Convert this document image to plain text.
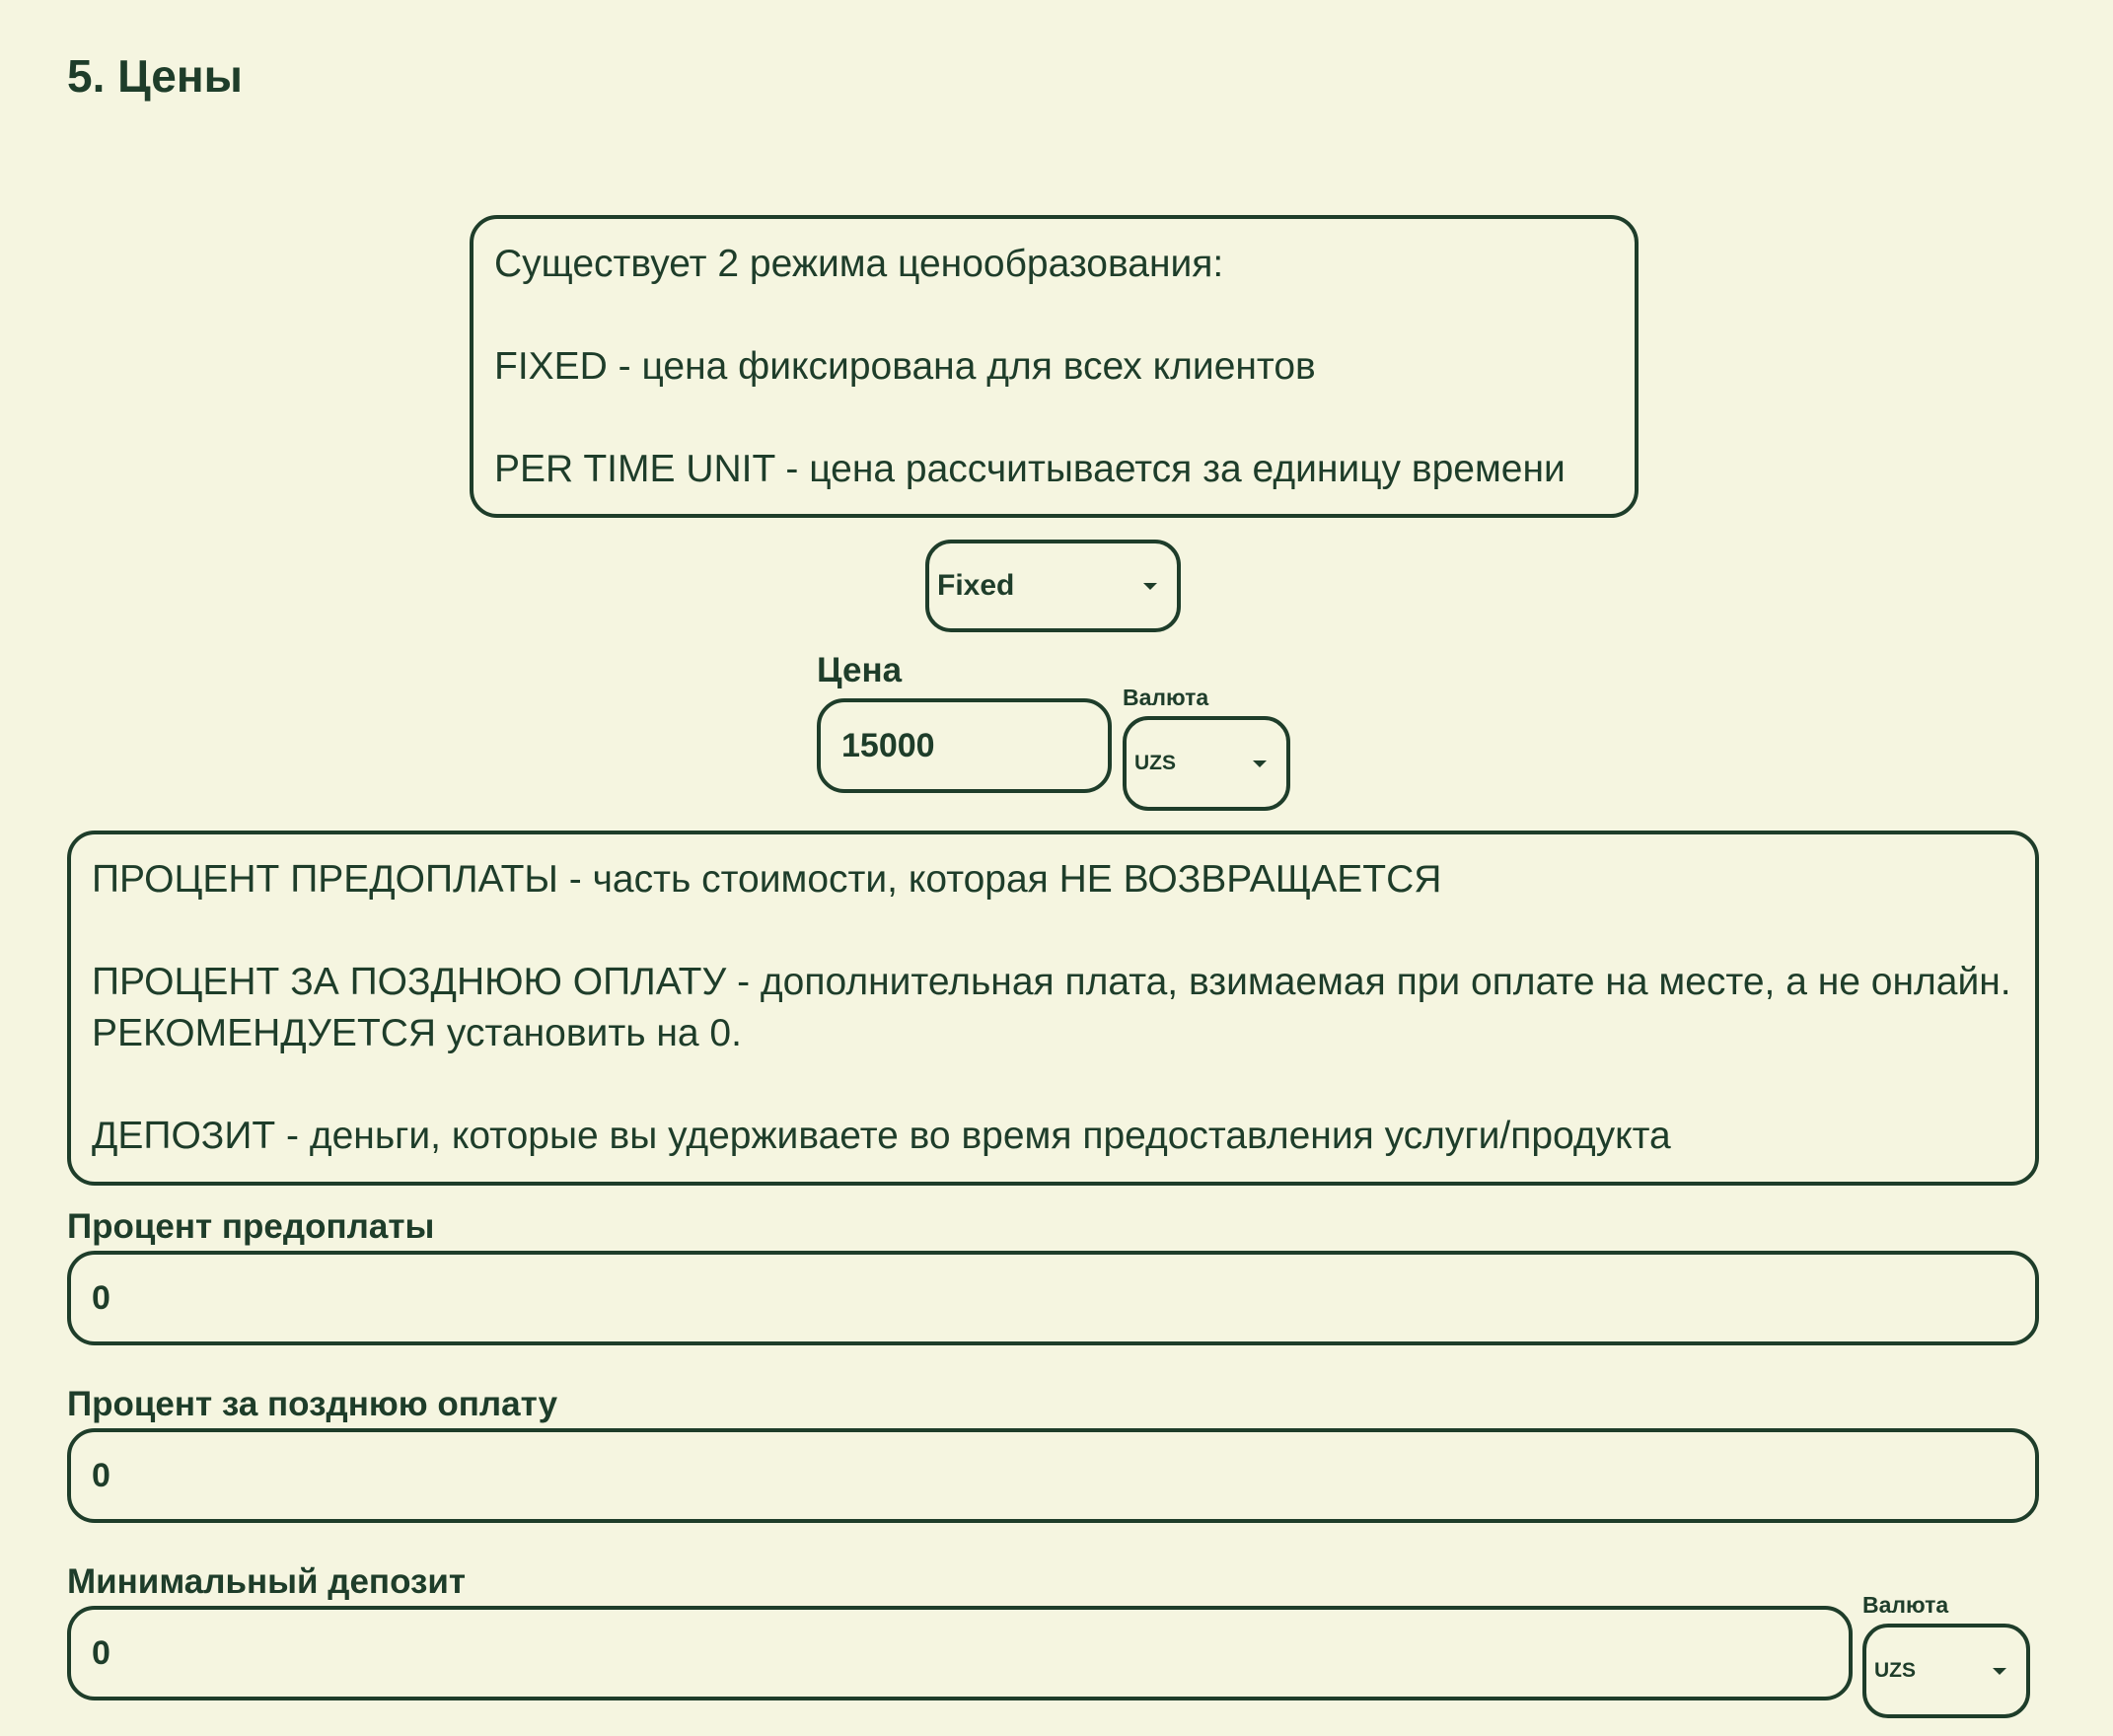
5. Цены

Существует 2 режима ценообразования:

FIXED - цена фиксирована для всех клиентов

PER TIME UNIT - цена рассчитывается за единицу времени

Fixed
Цена
15000
Валюта
UZS

ПРОЦЕНТ ПРЕДОПЛАТЫ - часть стоимости, которая НЕ ВОЗВРАЩАЕТСЯ

ПРОЦЕНТ ЗА ПОЗДНЮЮ ОПЛАТУ - дополнительная плата, взимаемая при оплате на месте, а не онлайн. РЕКОМЕНДУЕТСЯ установить на 0.

ДЕПОЗИТ - деньги, которые вы удерживаете во время предоставления услуги/продукта

Процент предоплаты
0
Процент за позднюю оплату
0
Минимальный депозит
0
Валюта
UZS
